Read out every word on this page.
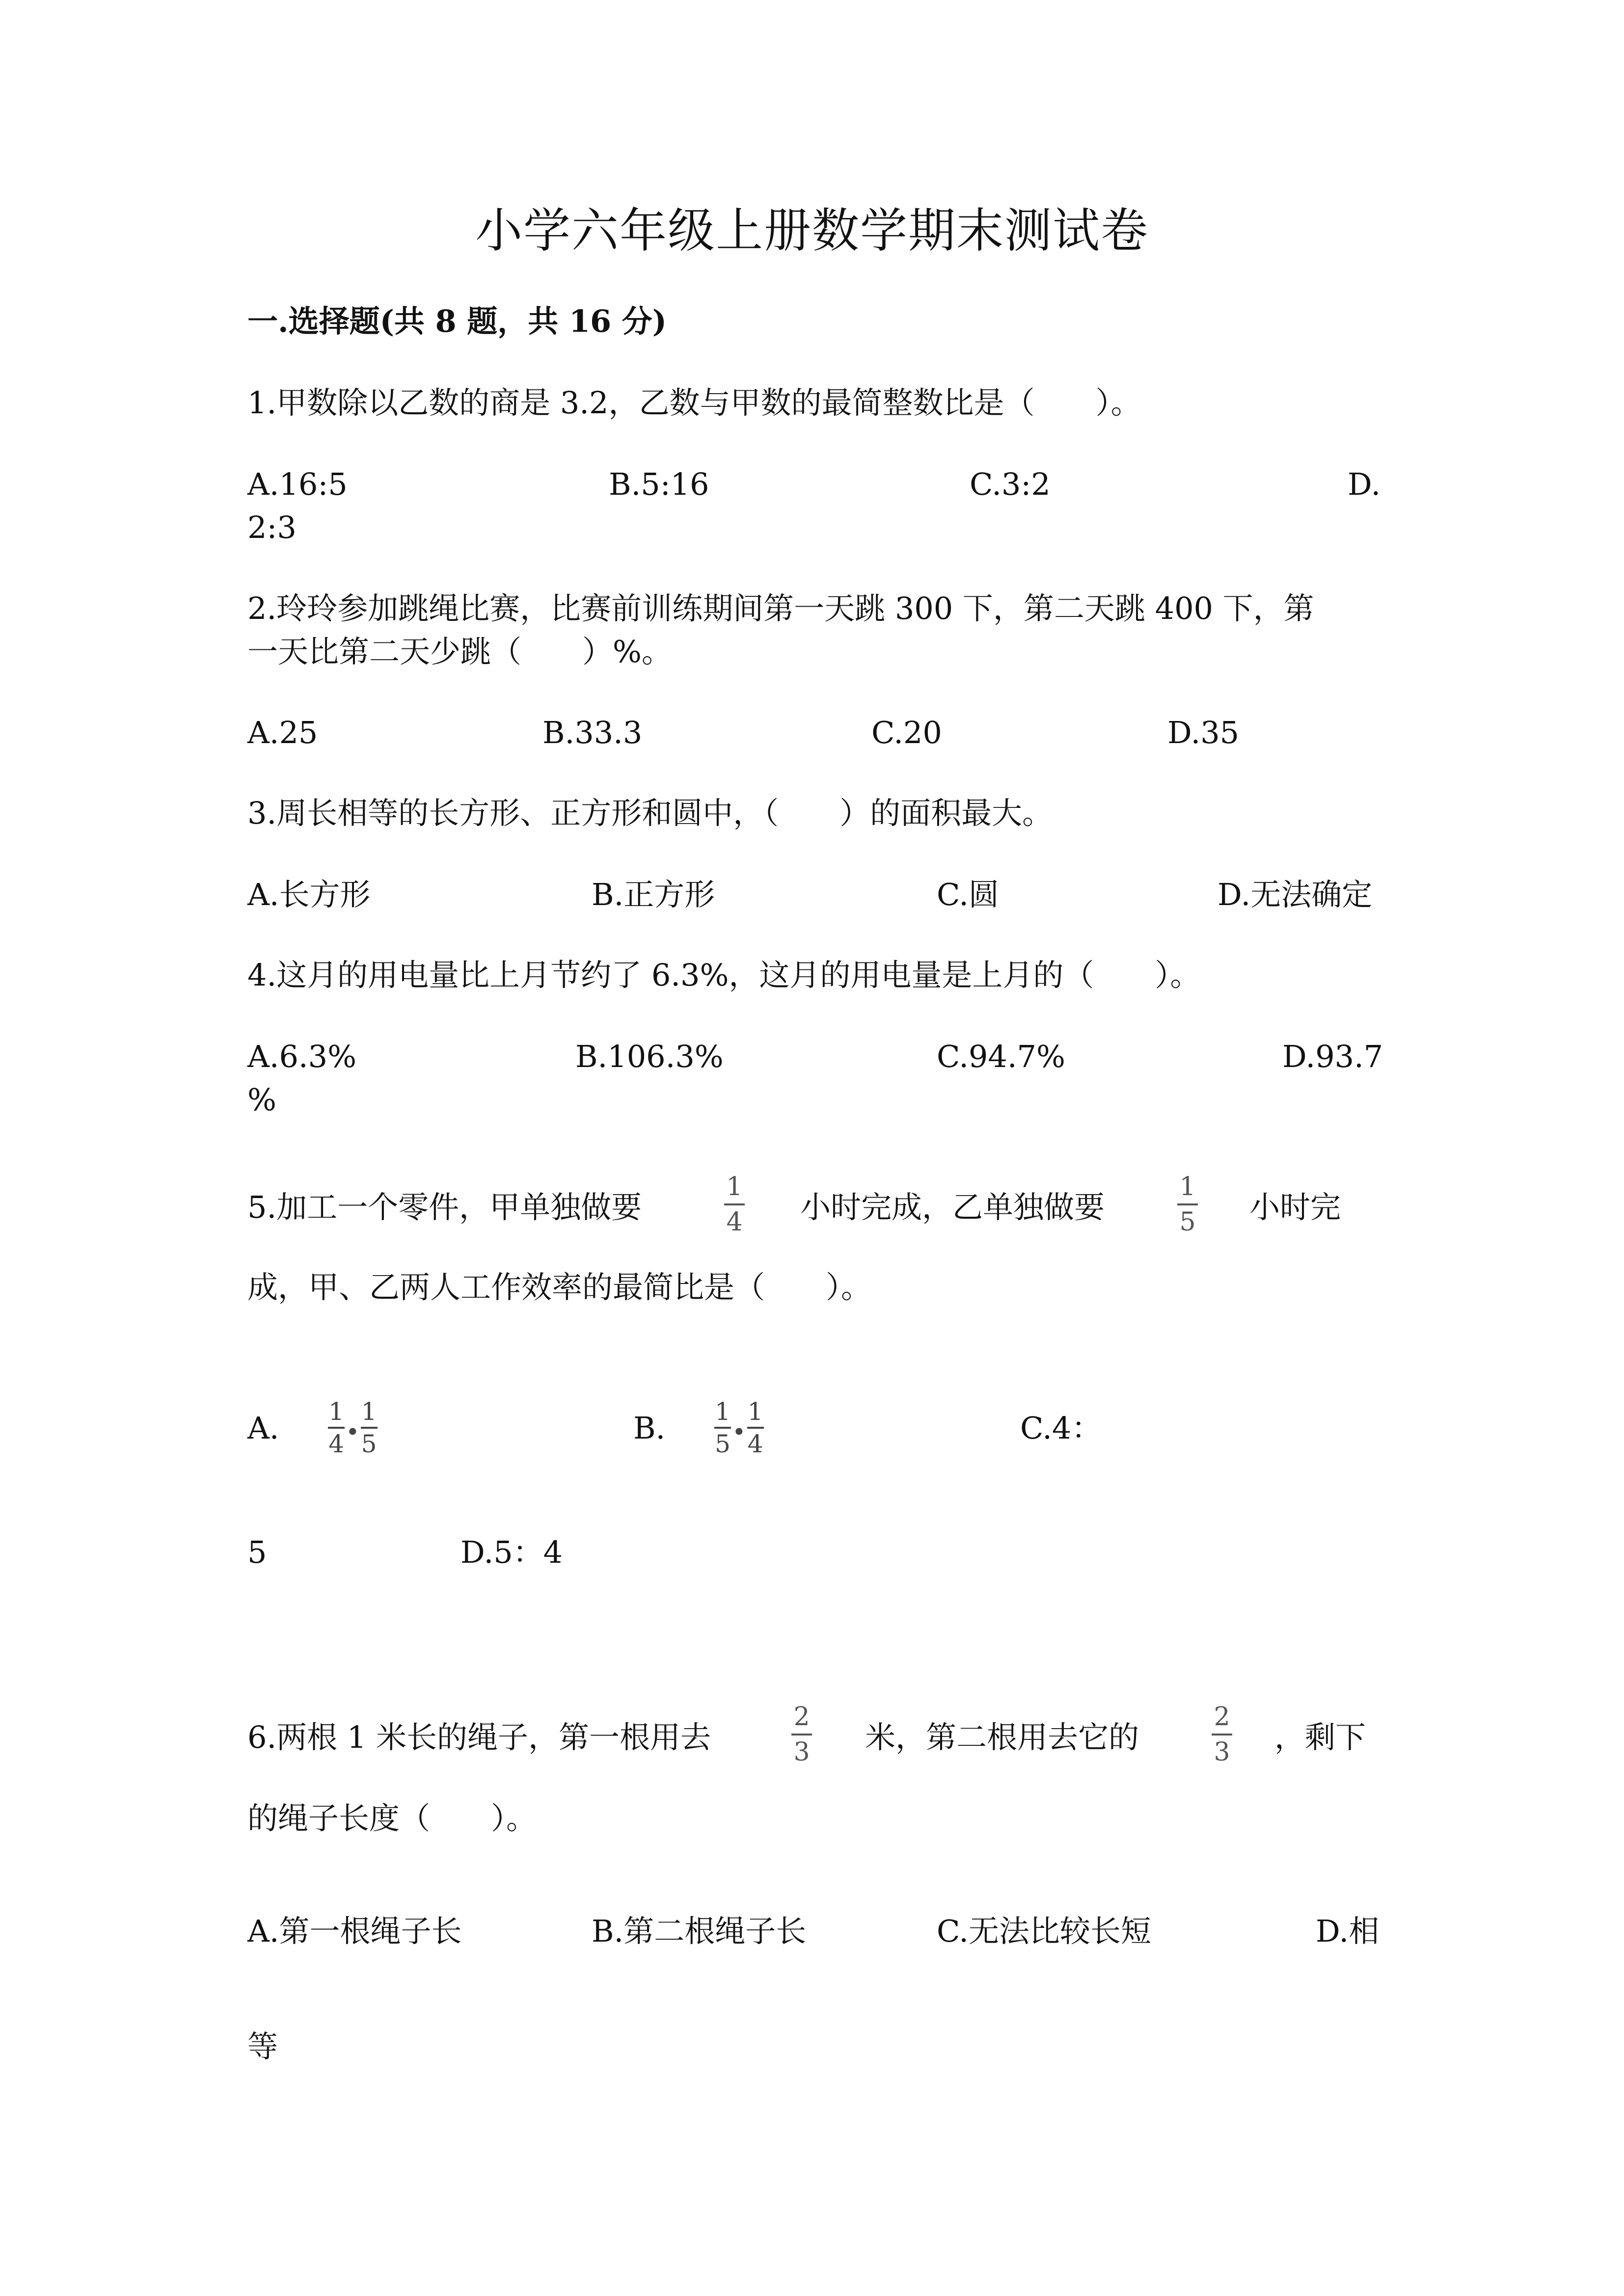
小学六年级上册数学期末测试卷
一.选择题(共 8 题，共 16 分)
1.甲数除以乙数的商是 3.2，乙数与甲数的最简整数比是（　　）。
A.16:5	B.5:16	C.3:2	D.
2:3
2.玲玲参加跳绳比赛，比赛前训练期间第一天跳 300 下，第二天跳 400 下，第
一天比第二天少跳（　　）%。
A.25	B.33.3	C.20	D.35
3.周长相等的长方形、正方形和圆中，（　　）的面积最大。
A.长方形	B.正方形	C.圆	D.无法确定
4.这月的用电量比上月节约了 6.3%，这月的用电量是上月的（　　）。
A.6.3%	B.106.3%	C.94.7%	D.93.7
%
5.加工一个零件，甲单独做要
1
4 小时完成，乙单独做要
1
5 小时完
成，甲、乙两人工作效率的最简比是（　　）。
A. 1
4 ∙
1
5	B. 1
5 ∙
1
4	C.4：
5	D.5：4
6.两根 1 米长的绳子，第一根用去
2
3 米，第二根用去它的
2
3 ，剩下
的绳子长度（　　）。
A.第一根绳子长	B.第二根绳子长	C.无法比较长短	D.相
等
